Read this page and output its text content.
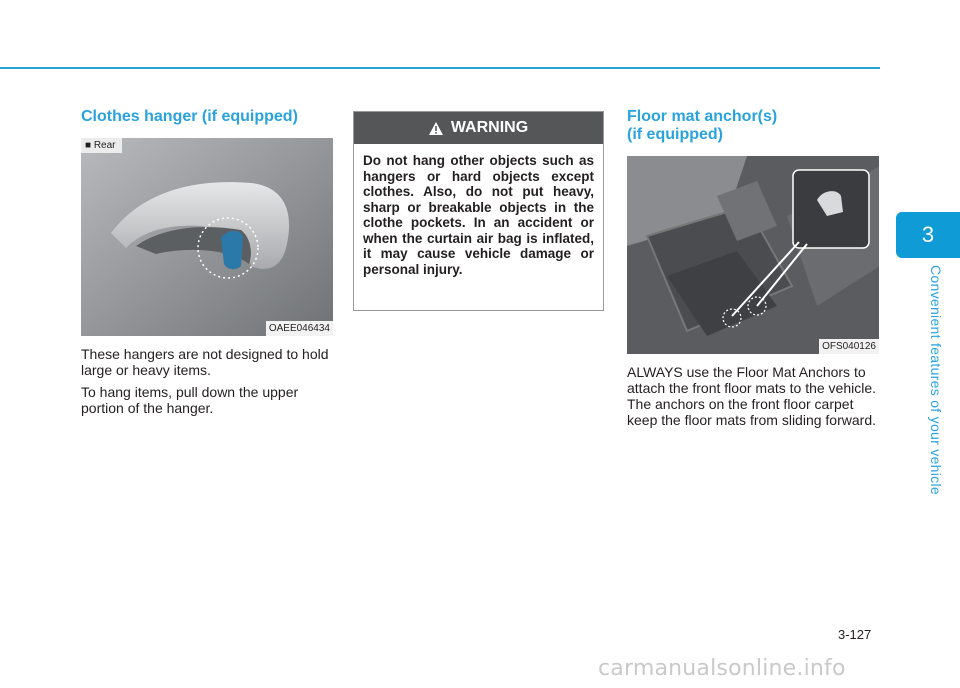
3
Convenient features of your vehicle
Clothes hanger (if equipped)
■ Rear
OAEE046434

These hangers are not designed to hold large or heavy items.

To hang items, pull down the upper portion of the hanger.

WARNING
Do not hang other objects such as hangers or hard objects except clothes. Also, do not put heavy, sharp or breakable objects in the clothe pockets. In an accident or when the curtain air bag is inflated, it may cause vehicle damage or personal injury.
Floor mat anchor(s)
(if equipped)
OFS040126

ALWAYS use the Floor Mat Anchors to attach the front floor mats to the vehicle. The anchors on the front floor carpet keep the floor mats from sliding forward.

3-127
carmanualsonline.info
